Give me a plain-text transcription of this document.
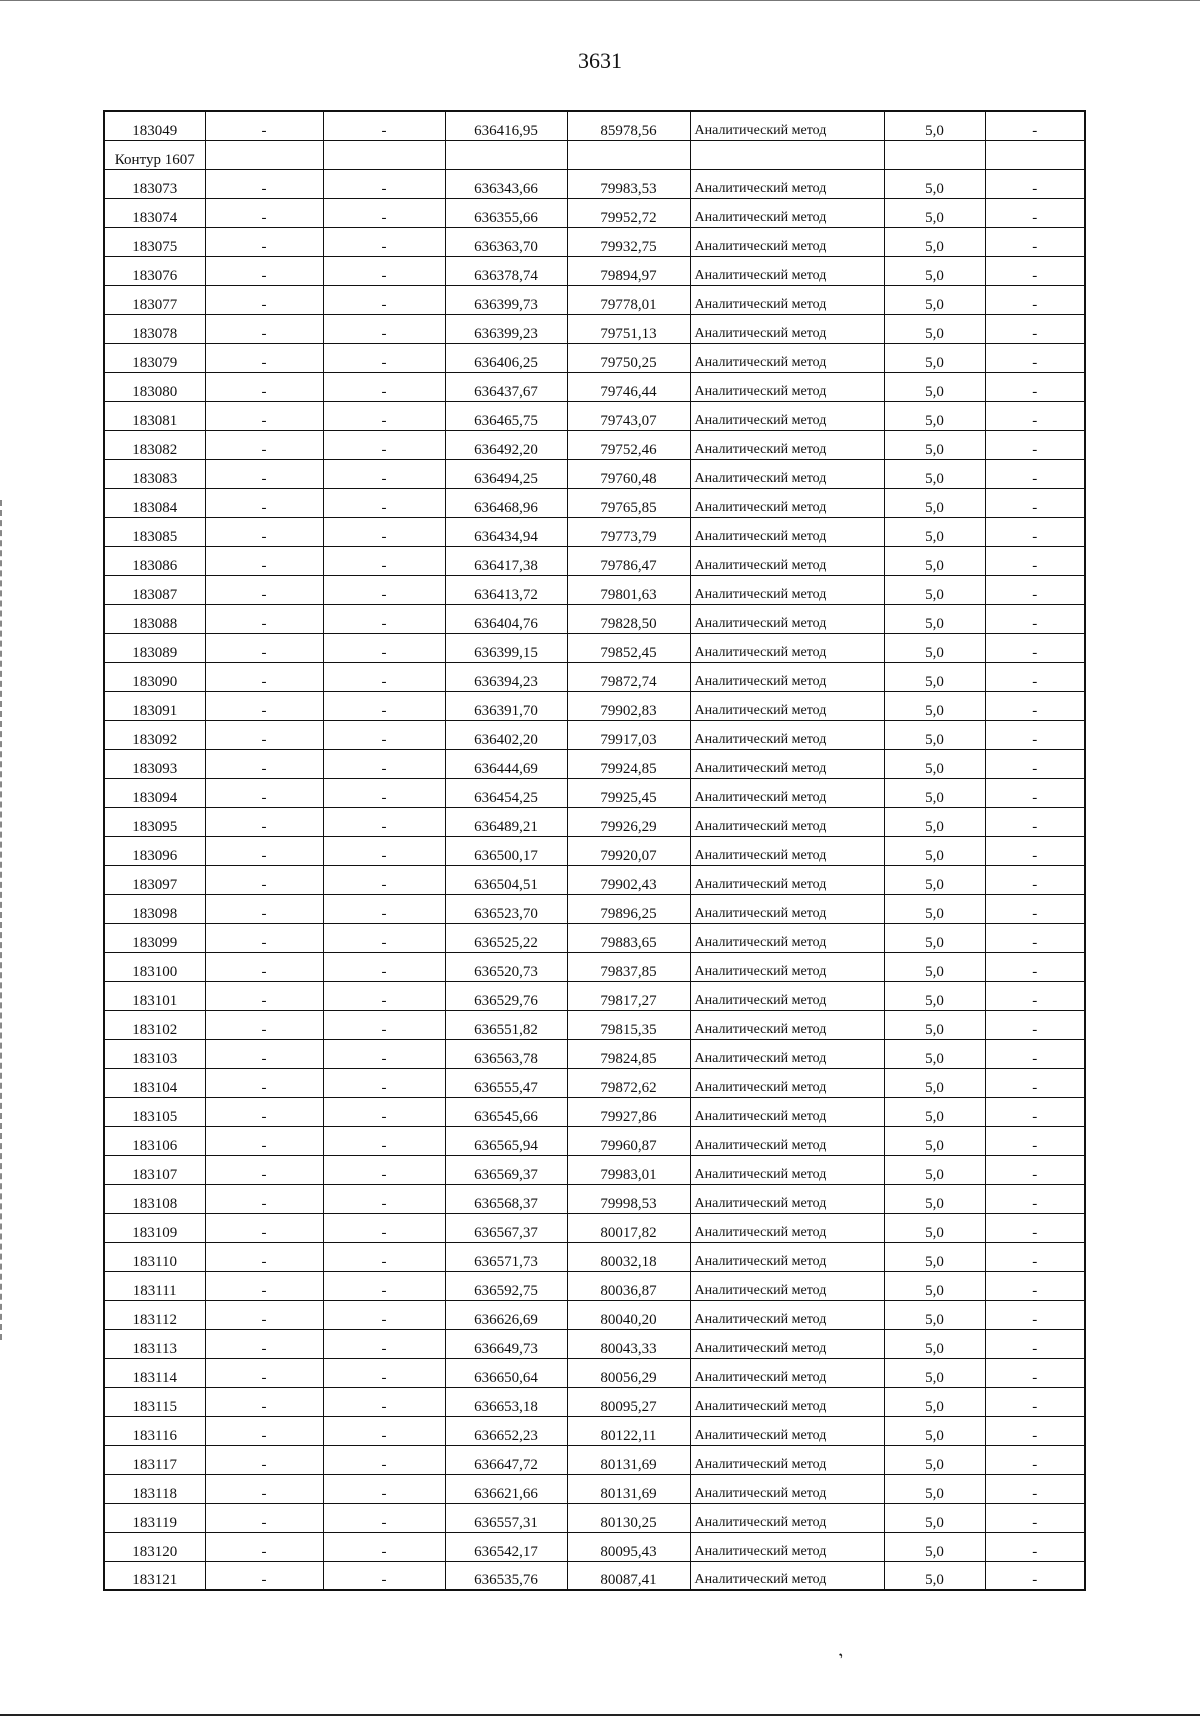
3631
183049	-	-	636416,95	85978,56	Аналитический метод	5,0	-
Контур 1607							
183073	-	-	636343,66	79983,53	Аналитический метод	5,0	-
183074	-	-	636355,66	79952,72	Аналитический метод	5,0	-
183075	-	-	636363,70	79932,75	Аналитический метод	5,0	-
183076	-	-	636378,74	79894,97	Аналитический метод	5,0	-
183077	-	-	636399,73	79778,01	Аналитический метод	5,0	-
183078	-	-	636399,23	79751,13	Аналитический метод	5,0	-
183079	-	-	636406,25	79750,25	Аналитический метод	5,0	-
183080	-	-	636437,67	79746,44	Аналитический метод	5,0	-
183081	-	-	636465,75	79743,07	Аналитический метод	5,0	-
183082	-	-	636492,20	79752,46	Аналитический метод	5,0	-
183083	-	-	636494,25	79760,48	Аналитический метод	5,0	-
183084	-	-	636468,96	79765,85	Аналитический метод	5,0	-
183085	-	-	636434,94	79773,79	Аналитический метод	5,0	-
183086	-	-	636417,38	79786,47	Аналитический метод	5,0	-
183087	-	-	636413,72	79801,63	Аналитический метод	5,0	-
183088	-	-	636404,76	79828,50	Аналитический метод	5,0	-
183089	-	-	636399,15	79852,45	Аналитический метод	5,0	-
183090	-	-	636394,23	79872,74	Аналитический метод	5,0	-
183091	-	-	636391,70	79902,83	Аналитический метод	5,0	-
183092	-	-	636402,20	79917,03	Аналитический метод	5,0	-
183093	-	-	636444,69	79924,85	Аналитический метод	5,0	-
183094	-	-	636454,25	79925,45	Аналитический метод	5,0	-
183095	-	-	636489,21	79926,29	Аналитический метод	5,0	-
183096	-	-	636500,17	79920,07	Аналитический метод	5,0	-
183097	-	-	636504,51	79902,43	Аналитический метод	5,0	-
183098	-	-	636523,70	79896,25	Аналитический метод	5,0	-
183099	-	-	636525,22	79883,65	Аналитический метод	5,0	-
183100	-	-	636520,73	79837,85	Аналитический метод	5,0	-
183101	-	-	636529,76	79817,27	Аналитический метод	5,0	-
183102	-	-	636551,82	79815,35	Аналитический метод	5,0	-
183103	-	-	636563,78	79824,85	Аналитический метод	5,0	-
183104	-	-	636555,47	79872,62	Аналитический метод	5,0	-
183105	-	-	636545,66	79927,86	Аналитический метод	5,0	-
183106	-	-	636565,94	79960,87	Аналитический метод	5,0	-
183107	-	-	636569,37	79983,01	Аналитический метод	5,0	-
183108	-	-	636568,37	79998,53	Аналитический метод	5,0	-
183109	-	-	636567,37	80017,82	Аналитический метод	5,0	-
183110	-	-	636571,73	80032,18	Аналитический метод	5,0	-
183111	-	-	636592,75	80036,87	Аналитический метод	5,0	-
183112	-	-	636626,69	80040,20	Аналитический метод	5,0	-
183113	-	-	636649,73	80043,33	Аналитический метод	5,0	-
183114	-	-	636650,64	80056,29	Аналитический метод	5,0	-
183115	-	-	636653,18	80095,27	Аналитический метод	5,0	-
183116	-	-	636652,23	80122,11	Аналитический метод	5,0	-
183117	-	-	636647,72	80131,69	Аналитический метод	5,0	-
183118	-	-	636621,66	80131,69	Аналитический метод	5,0	-
183119	-	-	636557,31	80130,25	Аналитический метод	5,0	-
183120	-	-	636542,17	80095,43	Аналитический метод	5,0	-
183121	-	-	636535,76	80087,41	Аналитический метод	5,0	-
,
